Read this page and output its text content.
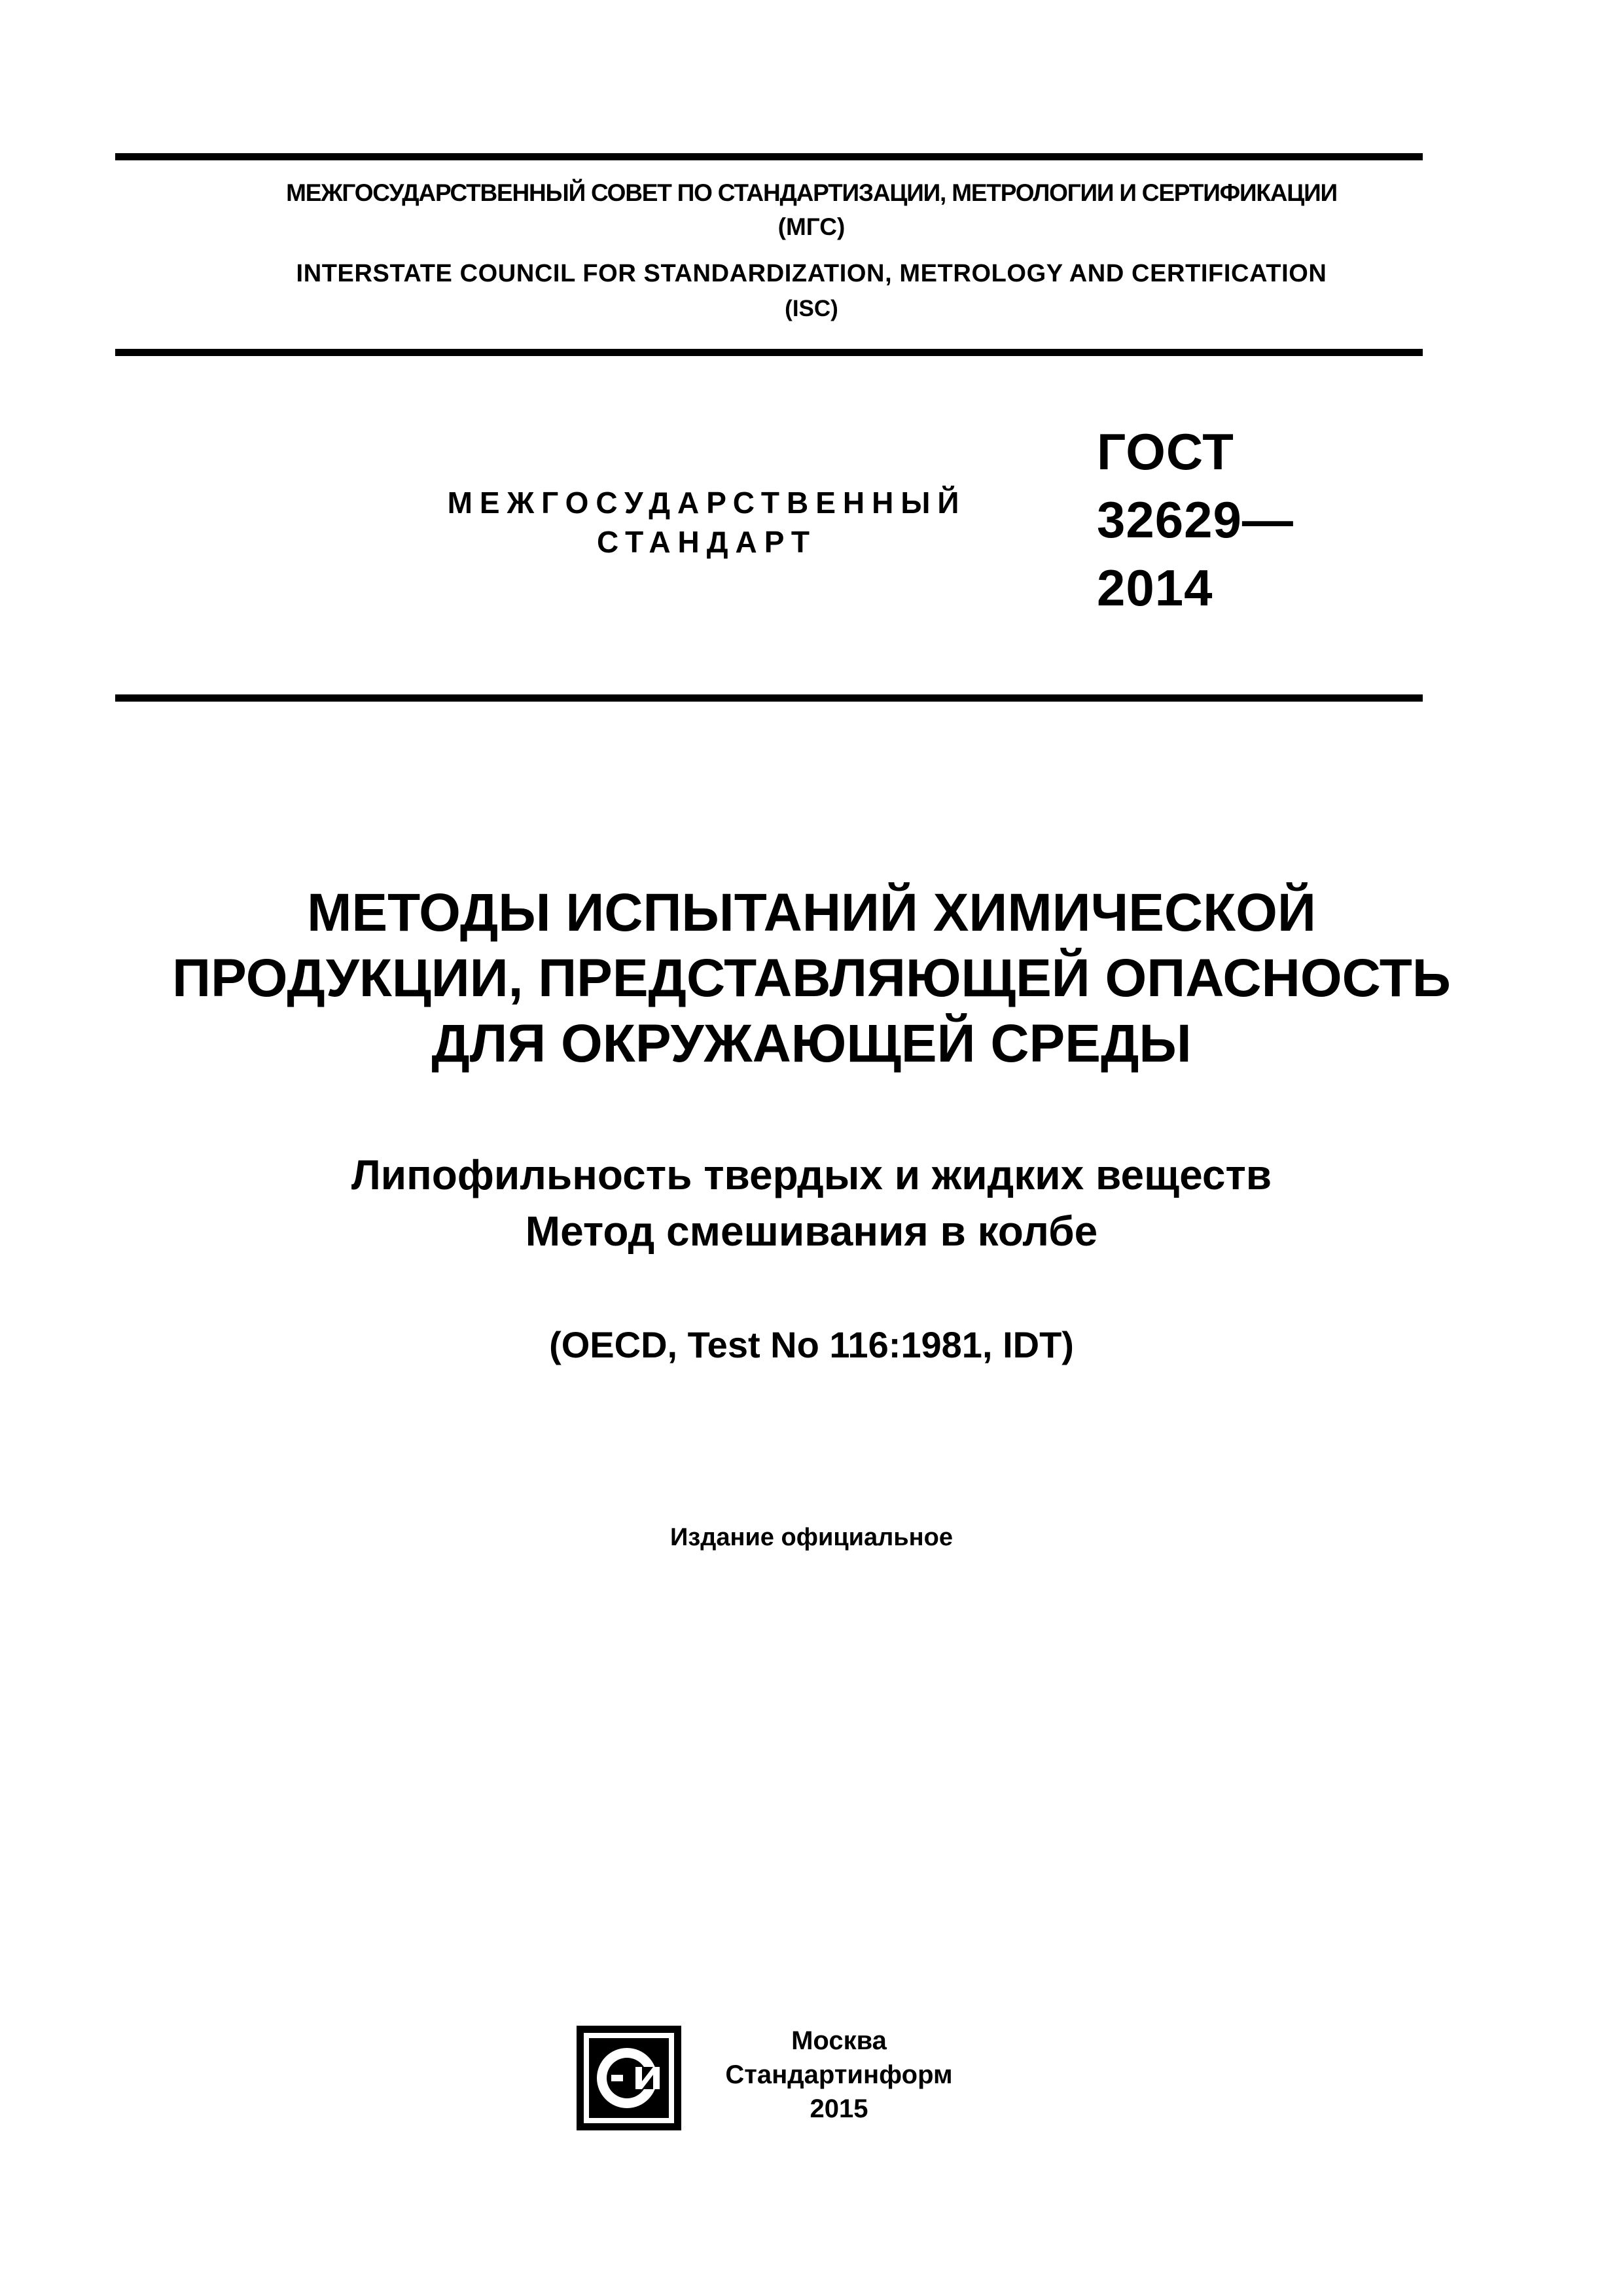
МЕЖГОСУДАРСТВЕННЫЙ СОВЕТ ПО СТАНДАРТИЗАЦИИ, МЕТРОЛОГИИ И СЕРТИФИКАЦИИ
(МГС)
INTERSTATE COUNCIL FOR STANDARDIZATION, METROLOGY AND CERTIFICATION
(ISC)
МЕЖГОСУДАРСТВЕННЫЙ
СТАНДАРТ
ГОСТ
32629—
2014
МЕТОДЫ ИСПЫТАНИЙ ХИМИЧЕСКОЙ
ПРОДУКЦИИ, ПРЕДСТАВЛЯЮЩЕЙ ОПАСНОСТЬ
ДЛЯ ОКРУЖАЮЩЕЙ СРЕДЫ
Липофильность твердых и жидких веществ
Метод смешивания в колбе
(OECD, Test No 116:1981, IDT)
Издание официальное
Москва
Стандартинформ
2015
